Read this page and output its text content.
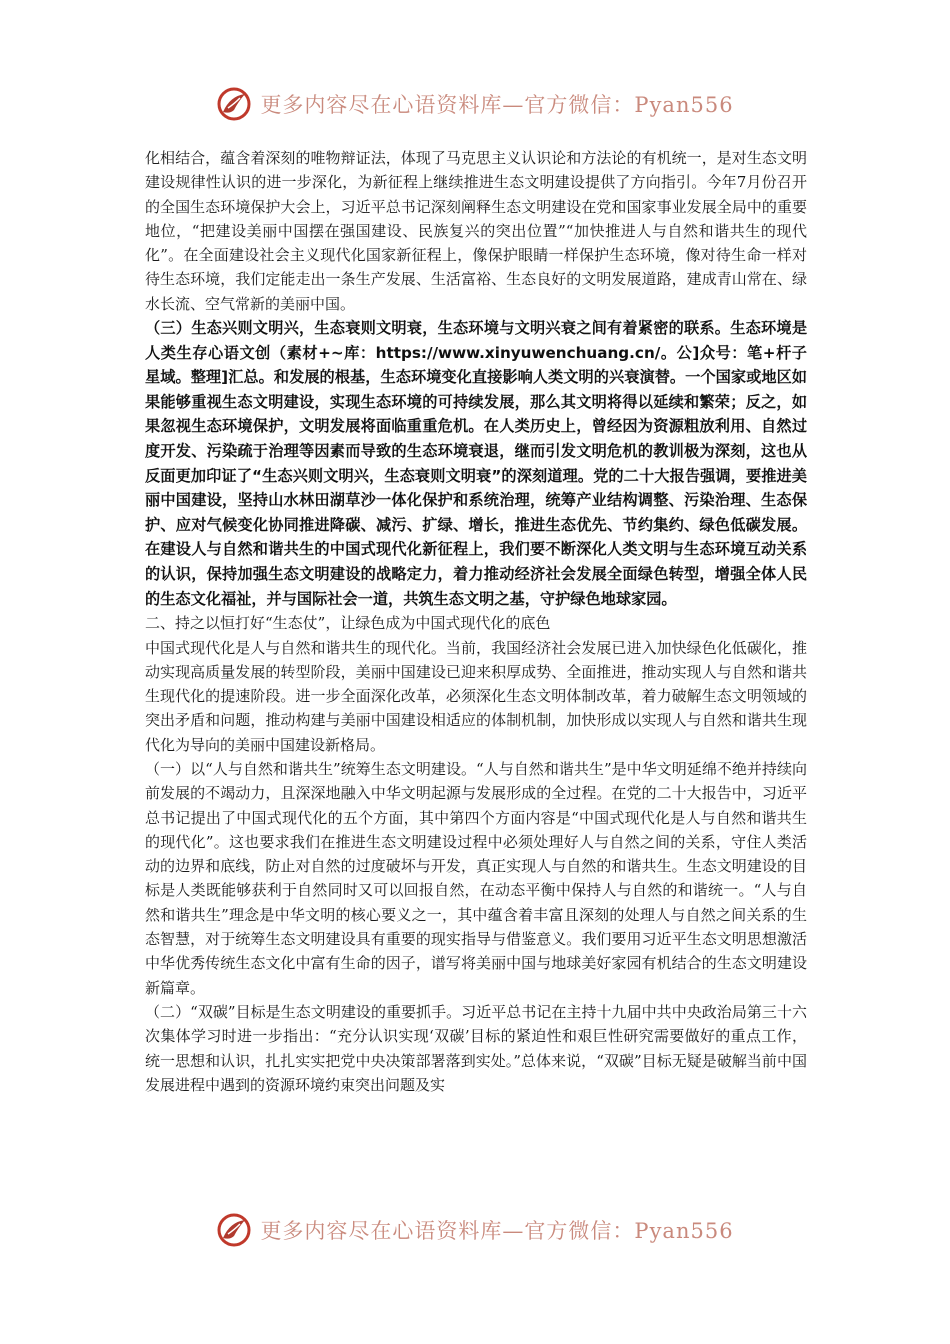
更多内容尽在心语资料库—官方微信：Pyan556

化相结合，蕴含着深刻的唯物辩证法，体现了马克思主义认识论和方法论的有机统一，是对生态文明建设规律性认识的进一步深化，为新征程上继续推进生态文明建设提供了方向指引。今年7月份召开的全国生态环境保护大会上，习近平总书记深刻阐释生态文明建设在党和国家事业发展全局中的重要地位，“把建设美丽中国摆在强国建设、民族复兴的突出位置”“加快推进人与自然和谐共生的现代化”。在全面建设社会主义现代化国家新征程上，像保护眼睛一样保护生态环境，像对待生命一样对待生态环境，我们定能走出一条生产发展、生活富裕、生态良好的文明发展道路，建成青山常在、绿水长流、空气常新的美丽中国。

（三）生态兴则文明兴，生态衰则文明衰，生态环境与文明兴衰之间有着紧密的联系。生态环境是人类生存心语文创（素材+~库：https://www.xinyuwenchuang.cn/。公]众号：笔+杆子星域。整理]汇总。和发展的根基，生态环境变化直接影响人类文明的兴衰演替。一个国家或地区如果能够重视生态文明建设，实现生态环境的可持续发展，那么其文明将得以延续和繁荣；反之，如果忽视生态环境保护，文明发展将面临重重危机。在人类历史上，曾经因为资源粗放利用、自然过度开发、污染疏于治理等因素而导致的生态环境衰退，继而引发文明危机的教训极为深刻，这也从反面更加印证了“生态兴则文明兴，生态衰则文明衰”的深刻道理。党的二十大报告强调，要推进美丽中国建设，坚持山水林田湖草沙一体化保护和系统治理，统筹产业结构调整、污染治理、生态保护、应对气候变化协同推进降碳、减污、扩绿、增长，推进生态优先、节约集约、绿色低碳发展。在建设人与自然和谐共生的中国式现代化新征程上，我们要不断深化人类文明与生态环境互动关系的认识，保持加强生态文明建设的战略定力，着力推动经济社会发展全面绿色转型，增强全体人民的生态文化福祉，并与国际社会一道，共筑生态文明之基，守护绿色地球家园。

二、持之以恒打好“生态仗”，让绿色成为中国式现代化的底色

中国式现代化是人与自然和谐共生的现代化。当前，我国经济社会发展已进入加快绿色化低碳化，推动实现高质量发展的转型阶段，美丽中国建设已迎来积厚成势、全面推进，推动实现人与自然和谐共生现代化的提速阶段。进一步全面深化改革，必须深化生态文明体制改革，着力破解生态文明领域的突出矛盾和问题，推动构建与美丽中国建设相适应的体制机制，加快形成以实现人与自然和谐共生现代化为导向的美丽中国建设新格局。

（一）以“人与自然和谐共生”统筹生态文明建设。“人与自然和谐共生”是中华文明延绵不绝并持续向前发展的不竭动力，且深深地融入中华文明起源与发展形成的全过程。在党的二十大报告中，习近平总书记提出了中国式现代化的五个方面，其中第四个方面内容是“中国式现代化是人与自然和谐共生的现代化”。这也要求我们在推进生态文明建设过程中必须处理好人与自然之间的关系，守住人类活动的边界和底线，防止对自然的过度破坏与开发，真正实现人与自然的和谐共生。生态文明建设的目标是人类既能够获利于自然同时又可以回报自然，在动态平衡中保持人与自然的和谐统一。“人与自然和谐共生”理念是中华文明的核心要义之一，其中蕴含着丰富且深刻的处理人与自然之间关系的生态智慧，对于统筹生态文明建设具有重要的现实指导与借鉴意义。我们要用习近平生态文明思想激活中华优秀传统生态文化中富有生命的因子，谱写将美丽中国与地球美好家园有机结合的生态文明建设新篇章。

（二）“双碳”目标是生态文明建设的重要抓手。习近平总书记在主持十九届中共中央政治局第三十六次集体学习时进一步指出：“充分认识实现‘双碳’目标的紧迫性和艰巨性研究需要做好的重点工作，统一思想和认识，扎扎实实把党中央决策部署落到实处。”总体来说，“双碳”目标无疑是破解当前中国发展进程中遇到的资源环境约束突出问题及实

更多内容尽在心语资料库—官方微信：Pyan556
